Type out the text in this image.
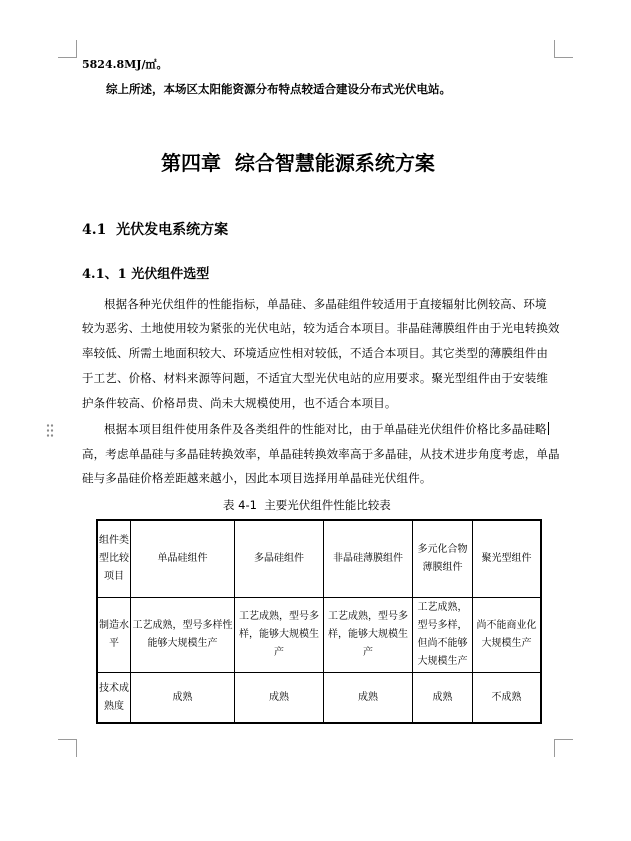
5824.8MJ/㎡。
综上所述，本场区太阳能资源分布特点较适合建设分布式光伏电站。
第四章  综合智慧能源系统方案
4.1  光伏发电系统方案
4.1、1 光伏组件选型
根据各种光伏组件的性能指标，单晶硅、多晶硅组件较适用于直接辐射比例较高、环境
较为恶劣、土地使用较为紧张的光伏电站，较为适合本项目。非晶硅薄膜组件由于光电转换效
率较低、所需土地面积较大、环境适应性相对较低，不适合本项目。其它类型的薄膜组件由
于工艺、价格、材料来源等问题，不适宜大型光伏电站的应用要求。聚光型组件由于安装维
护条件较高、价格昂贵、尚未大规模使用，也不适合本项目。
根据本项目组件使用条件及各类组件的性能对比，由于单晶硅光伏组件价格比多晶硅略
高，考虑单晶硅与多晶硅转换效率，单晶硅转换效率高于多晶硅，从技术进步角度考虑，单晶
硅与多晶硅价格差距越来越小，因此本项目选择用单晶硅光伏组件。
表 4-1  主要光伏组件性能比较表
组件类型比较项目	单晶硅组件	多晶硅组件	非晶硅薄膜组件	多元化合物薄膜组件	聚光型组件
制造水平	工艺成熟，型号多样性能够大规模生产	工艺成熟，型号多样，能够大规模生产	工艺成熟，型号多样，能够大规模生产	工艺成熟，型号多样，但尚不能够大规模生产	尚不能商业化大规模生产
技术成熟度	成熟	成熟	成熟	成熟	不成熟
